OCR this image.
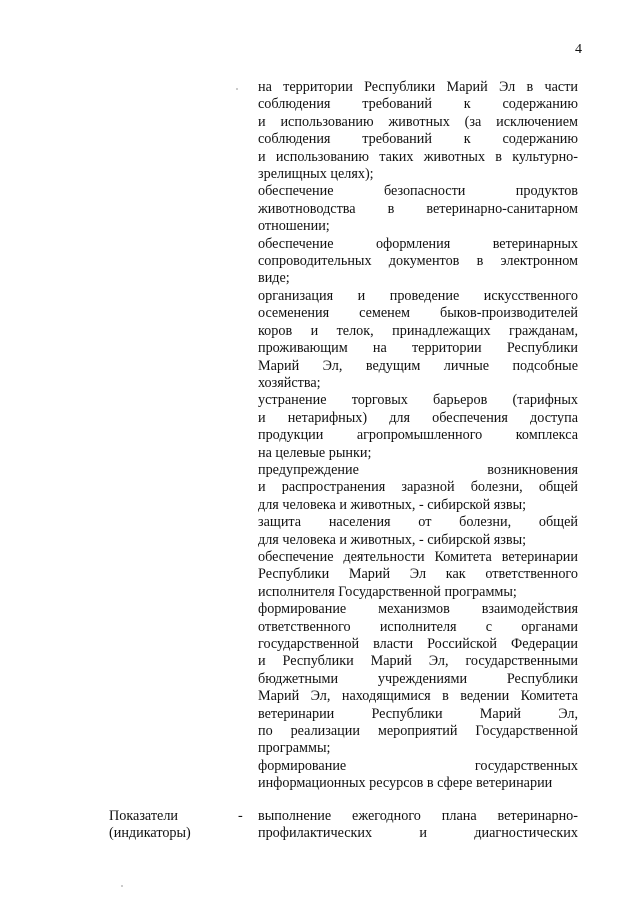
4
на территории Республики Марий Эл в части
соблюдения требований к содержанию
и использованию животных (за исключением
соблюдения требований к содержанию
и использованию таких животных в культурно-
зрелищных целях);
обеспечение безопасности продуктов
животноводства в ветеринарно-санитарном
отношении;
обеспечение оформления ветеринарных
сопроводительных документов в электронном
виде;
организация и проведение искусственного
осеменения семенем быков-производителей
коров и телок, принадлежащих гражданам,
проживающим на территории Республики
Марий Эл, ведущим личные подсобные
хозяйства;
устранение торговых барьеров (тарифных
и нетарифных) для обеспечения доступа
продукции агропромышленного комплекса
на целевые рынки;
предупреждение возникновения
и распространения заразной болезни, общей
для человека и животных, - сибирской язвы;
защита населения от болезни, общей
для человека и животных, - сибирской язвы;
обеспечение деятельности Комитета ветеринарии
Республики Марий Эл как ответственного
исполнителя Государственной программы;
формирование механизмов взаимодействия
ответственного исполнителя с органами
государственной власти Российской Федерации
и Республики Марий Эл, государственными
бюджетными учреждениями Республики
Марий Эл, находящимися в ведении Комитета
ветеринарии Республики Марий Эл,
по реализации мероприятий Государственной
программы;
формирование государственных
информационных ресурсов в сфере ветеринарии
Показатели
(индикаторы)
- выполнение ежегодного плана ветеринарно-
профилактических и диагностических
